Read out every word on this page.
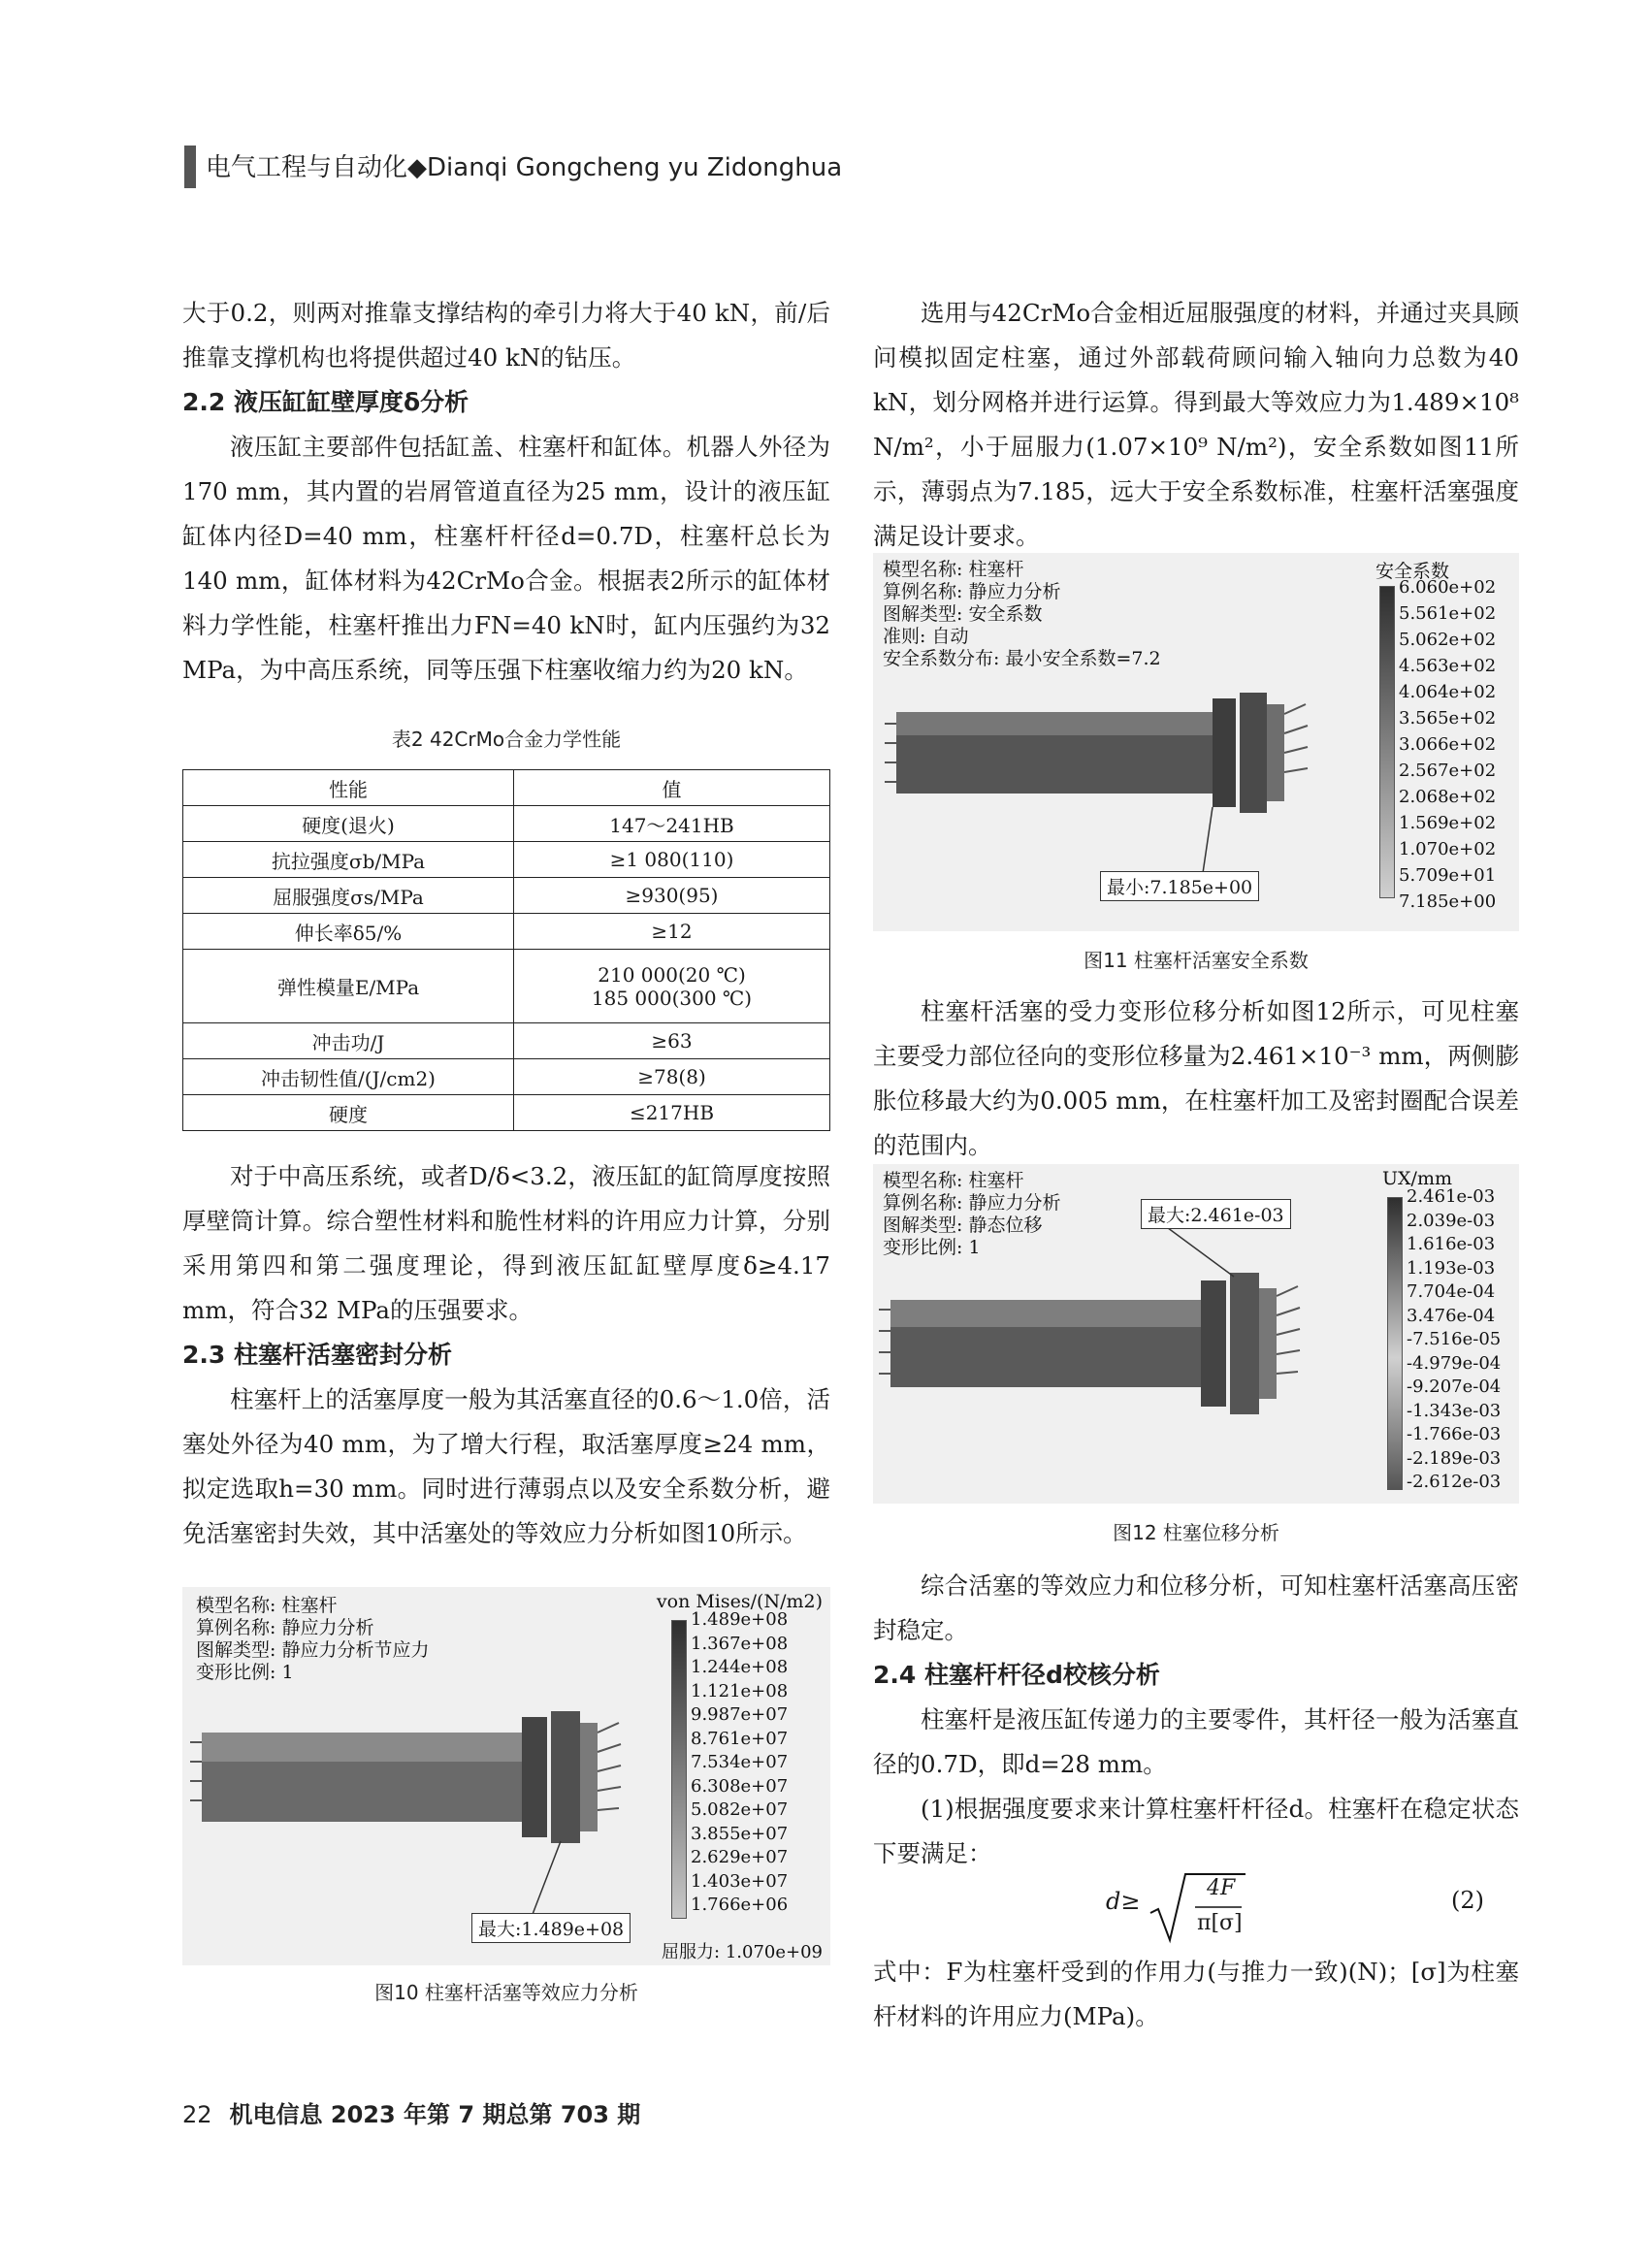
电气工程与自动化◆Dianqi Gongcheng yu Zidonghua

大于0.2，则两对推靠支撑结构的牵引力将大于40 kN，前/后推靠支撑机构也将提供超过40 kN的钻压。

2.2 液压缸缸壁厚度δ分析

液压缸主要部件包括缸盖、柱塞杆和缸体。机器人外径为170 mm，其内置的岩屑管道直径为25 mm，设计的液压缸缸体内径D=40 mm，柱塞杆杆径d=0.7D，柱塞杆总长为140 mm，缸体材料为42CrMo合金。根据表2所示的缸体材料力学性能，柱塞杆推出力FN=40 kN时，缸内压强约为32 MPa，为中高压系统，同等压强下柱塞收缩力约为20 kN。

表2 42CrMo合金力学性能
性能	值
硬度(退火)	147～241HB
抗拉强度σb/MPa	≥1 080(110)
屈服强度σs/MPa	≥930(95)
伸长率δ5/%	≥12
弹性模量E/MPa	210 000(20 ℃)
185 000(300 ℃)

冲击功/J	≥63
冲击韧性值/(J/cm2)	≥78(8)
硬度	≤217HB

对于中高压系统，或者D/δ<3.2，液压缸的缸筒厚度按照厚壁筒计算。综合塑性材料和脆性材料的许用应力计算，分别采用第四和第二强度理论，得到液压缸缸壁厚度δ≥4.17 mm，符合32 MPa的压强要求。

2.3 柱塞杆活塞密封分析

柱塞杆上的活塞厚度一般为其活塞直径的0.6～1.0倍，活塞处外径为40 mm，为了增大行程，取活塞厚度≥24 mm，拟定选取h=30 mm。同时进行薄弱点以及安全系数分析，避免活塞密封失效，其中活塞处的等效应力分析如图10所示。

模型名称: 柱塞杆
算例名称: 静应力分析
图解类型: 静应力分析节应力
变形比例: 1
von Mises/(N/m2)
1.489e+08
1.367e+08
1.244e+08
1.121e+08
9.987e+07
8.761e+07
7.534e+07
6.308e+07
5.082e+07
3.855e+07
2.629e+07
1.403e+07
1.766e+06
最大:1.489e+08
屈服力: 1.070e+09
图10 柱塞杆活塞等效应力分析

选用与42CrMo合金相近屈服强度的材料，并通过夹具顾问模拟固定柱塞，通过外部载荷顾问输入轴向力总数为40 kN，划分网格并进行运算。得到最大等效应力为1.489×10⁸ N/m²，小于屈服力(1.07×10⁹ N/m²)，安全系数如图11所示，薄弱点为7.185，远大于安全系数标准，柱塞杆活塞强度满足设计要求。

模型名称: 柱塞杆
算例名称: 静应力分析
图解类型: 安全系数
准则: 自动
安全系数分布: 最小安全系数=7.2
安全系数
6.060e+02
5.561e+02
5.062e+02
4.563e+02
4.064e+02
3.565e+02
3.066e+02
2.567e+02
2.068e+02
1.569e+02
1.070e+02
5.709e+01
7.185e+00
最小:7.185e+00
图11 柱塞杆活塞安全系数

柱塞杆活塞的受力变形位移分析如图12所示，可见柱塞主要受力部位径向的变形位移量为2.461×10⁻³ mm，两侧膨胀位移最大约为0.005 mm，在柱塞杆加工及密封圈配合误差的范围内。

模型名称: 柱塞杆
算例名称: 静应力分析
图解类型: 静态位移
变形比例: 1
UX/mm
2.461e-03
2.039e-03
1.616e-03
1.193e-03
7.704e-04
3.476e-04
-7.516e-05
-4.979e-04
-9.207e-04
-1.343e-03
-1.766e-03
-2.189e-03
-2.612e-03
最大:2.461e-03
图12 柱塞位移分析

综合活塞的等效应力和位移分析，可知柱塞杆活塞高压密封稳定。

2.4 柱塞杆杆径d校核分析

柱塞杆是液压缸传递力的主要零件，其杆径一般为活塞直径的0.7D，即d=28 mm。

(1)根据强度要求来计算柱塞杆杆径d。柱塞杆在稳定状态下要满足：

d≥	4F
π[σ]
(2)

式中：F为柱塞杆受到的作用力(与推力一致)(N)；[σ]为柱塞杆材料的许用应力(MPa)。

22 机电信息 2023 年第 7 期总第 703 期
